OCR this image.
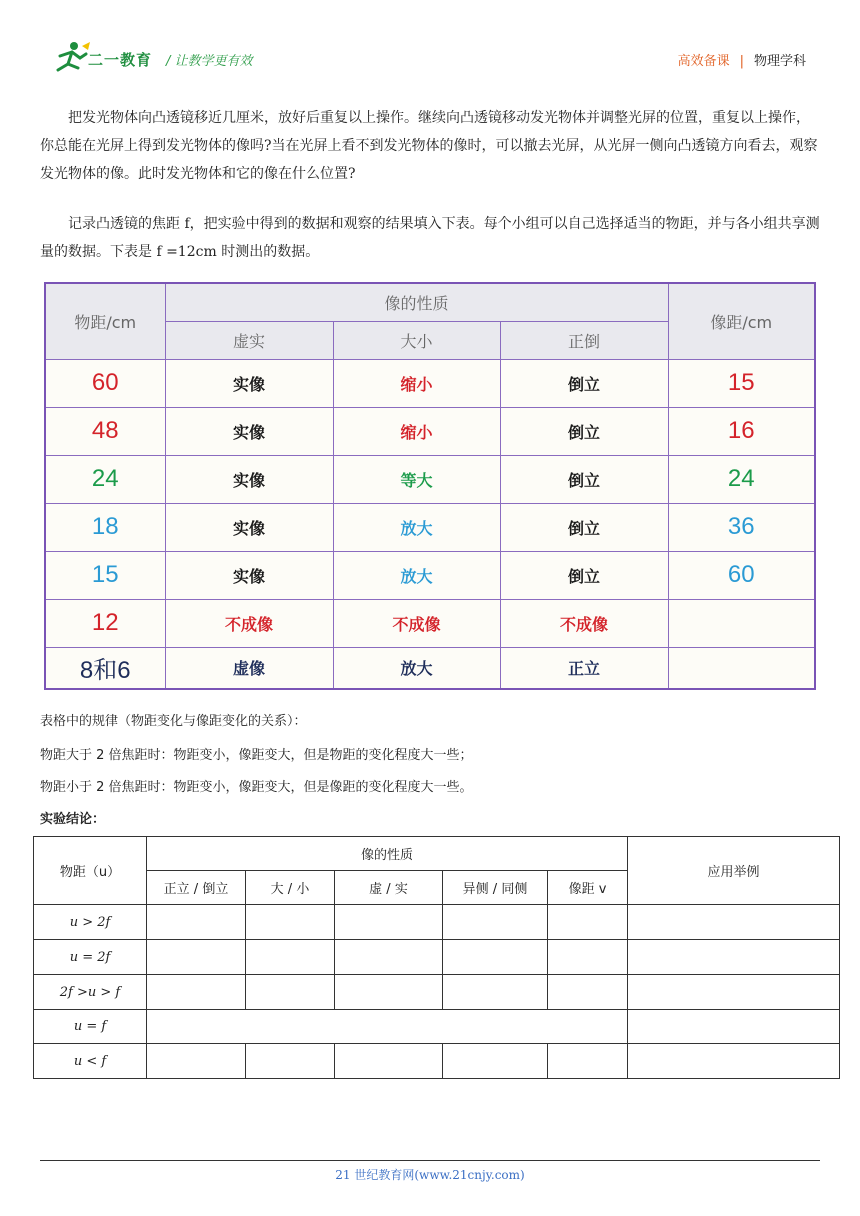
二一教育 / 让教学更有效	高效备课 | 物理学科
把发光物体向凸透镜移近几厘米，放好后重复以上操作。继续向凸透镜移动发光物体并调整光屏的位置，重复以上操作，你总能在光屏上得到发光物体的像吗?当在光屏上看不到发光物体的像时，可以撤去光屏，从光屏一侧向凸透镜方向看去，观察发光物体的像。此时发光物体和它的像在什么位置?
记录凸透镜的焦距 f，把实验中得到的数据和观察的结果填入下表。每个小组可以自己选择适当的物距，并与各小组共享测量的数据。下表是 f =12cm 时测出的数据。
物距/cm	像的性质			像距/cm
	虚实	大小	正倒	
60	实像	缩小	倒立	15
48	实像	缩小	倒立	16
24	实像	等大	倒立	24
18	实像	放大	倒立	36
15	实像	放大	倒立	60
12	不成像	不成像	不成像	
8和6	虚像	放大	正立	
表格中的规律（物距变化与像距变化的关系）：
物距大于 2 倍焦距时：物距变小，像距变大，但是物距的变化程度大一些；
物距小于 2 倍焦距时：物距变小，像距变大，但是像距的变化程度大一些。
实验结论：
物距（u）	像的性质					应用举例
	正立 / 倒立	大 / 小	虚 / 实	异侧 / 同侧	像距 v	
u > 2f						
u = 2f						
2f >u > f						
u = f						
u < f						
21 世纪教育网(www.21cnjy.com)
